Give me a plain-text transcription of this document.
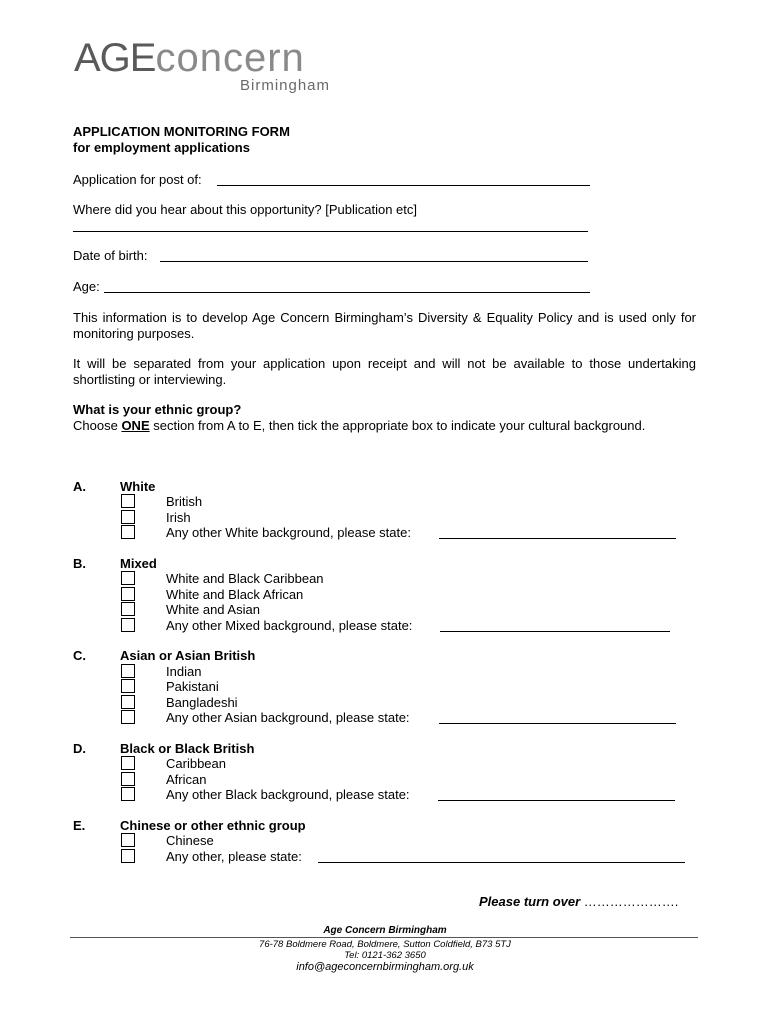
AGEconcern
Birmingham
APPLICATION MONITORING FORM
for employment applications
Application for post of:
Where did you hear about this opportunity? [Publication etc]
Date of birth:
Age:
This information is to develop Age Concern Birmingham’s Diversity & Equality Policy and is used only for monitoring purposes.
It will be separated from your application upon receipt and will not be available to those undertaking shortlisting or interviewing.
What is your ethnic group?
Choose ONE section from A to E, then tick the appropriate box to indicate your cultural background.
A.	White
British
Irish
Any other White background, please state:
B.	Mixed
White and Black Caribbean
White and Black African
White and Asian
Any other Mixed background, please state:
C.	Asian or Asian British
Indian
Pakistani
Bangladeshi
Any other Asian background, please state:
D.	Black or Black British
Caribbean
African
Any other Black background, please state:
E.	Chinese or other ethnic group
Chinese
Any other, please state:
Please turn over ………………….
Age Concern Birmingham
76-78 Boldmere Road, Boldmere, Sutton Coldfield, B73 5TJ
Tel: 0121-362 3650
info@ageconcernbirmingham.org.uk
